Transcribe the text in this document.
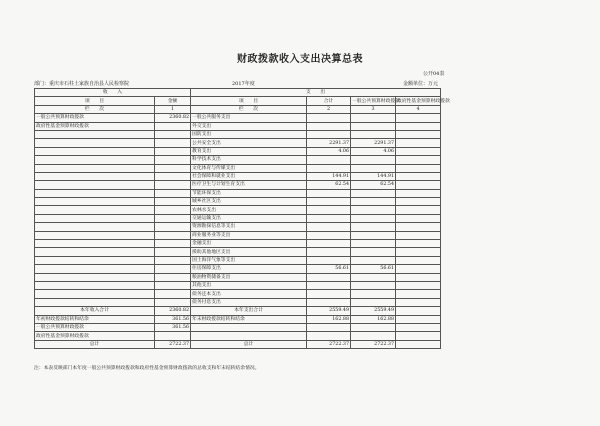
财政拨款收入支出决算总表
公开04表
部门：重庆市石柱土家族自治县人民检察院	2017年度	金额单位：万元
收　　入		支　　出			
项　　目	金额	项　　目	合计	一般公共预算财政拨款	政府性基金预算财政拨款
栏　　次	1	栏　　次	2	3	4
一般公共预算财政拨款	2360.82	一般公共服务支出			
政府性基金预算财政拨款		外交支出			
		国防支出			
		公共安全支出	2291.37	2291.37	
		教育支出	4.06	4.06	
		科学技术支出			
		文化体育与传媒支出			
		社会保障和就业支出	144.91	144.91	
		医疗卫生与计划生育支出	62.54	62.54	
		节能环保支出			
		城乡社区支出			
		农林水支出			
		交通运输支出			
		资源勘探信息等支出			
		商业服务业等支出			
		金融支出			
		援助其他地区支出			
		国土海洋气象等支出			
		住房保障支出	56.61	56.61	
		粮油物资储备支出			
		其他支出			
		债务还本支出			
		债务付息支出			
本年收入合计	2360.82	本年支出合计	2559.49	2559.49	
年初财政拨款结转和结余	361.56	年末财政拨款结转和结余	162.88	162.88	
一般公共预算财政拨款	361.56				
政府性基金预算财政拨款					
总计	2722.37	总计	2722.37	2722.37	
注：本表反映部门本年度一般公共预算财政拨款和政府性基金预算财政拨款的总收支和年末结转结余情况。
